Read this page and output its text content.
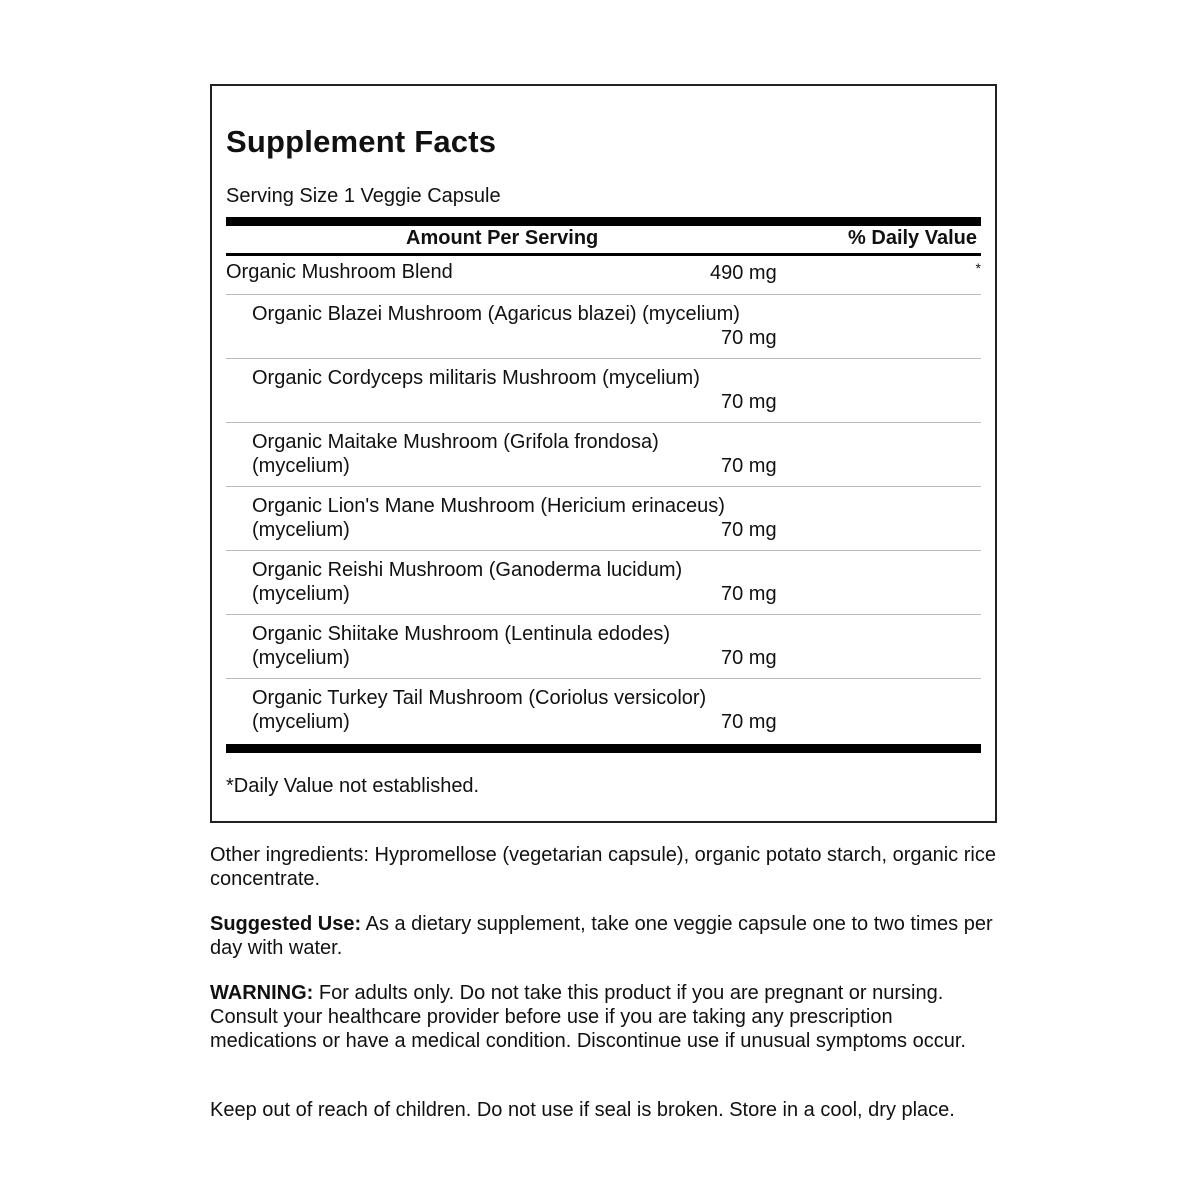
Supplement Facts
Serving Size 1 Veggie Capsule
Amount Per Serving	% Daily Value
Organic Mushroom Blend	490 mg	*
Organic Blazei Mushroom (Agaricus blazei) (mycelium)
70 mg
Organic Cordyceps militaris Mushroom (mycelium)
70 mg
Organic Maitake Mushroom (Grifola frondosa) (mycelium)	70 mg
Organic Lion's Mane Mushroom (Hericium erinaceus) (mycelium)	70 mg
Organic Reishi Mushroom (Ganoderma lucidum) (mycelium)	70 mg
Organic Shiitake Mushroom (Lentinula edodes) (mycelium)	70 mg
Organic Turkey Tail Mushroom (Coriolus versicolor) (mycelium)	70 mg
*Daily Value not established.
Other ingredients: Hypromellose (vegetarian capsule), organic potato starch, organic rice concentrate.
Suggested Use: As a dietary supplement, take one veggie capsule one to two times per day with water.
WARNING: For adults only. Do not take this product if you are pregnant or nursing. Consult your healthcare provider before use if you are taking any prescription medications or have a medical condition. Discontinue use if unusual symptoms occur.
Keep out of reach of children. Do not use if seal is broken. Store in a cool, dry place.
